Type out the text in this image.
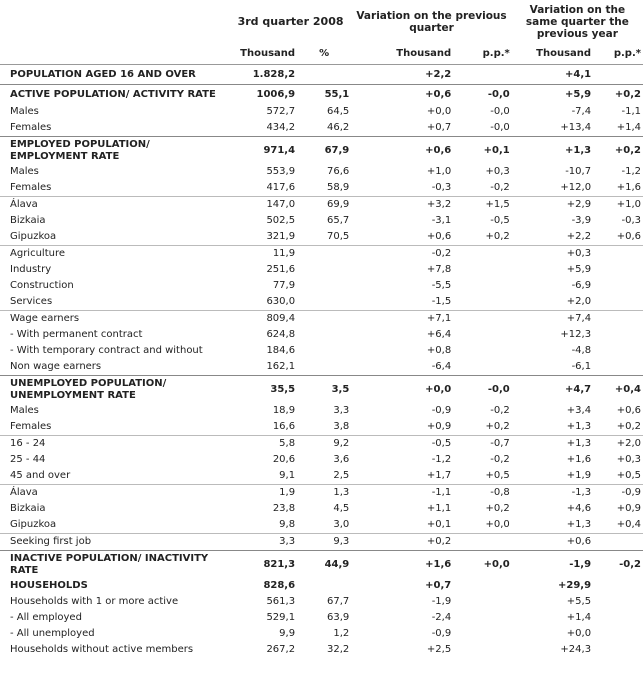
	3rd quarter 2008		Variation on the previous quarter		Variation on the same quarter the previous year	
	Thousand	%	Thousand	p.p.*	Thousand	p.p.*
POPULATION AGED 16 AND OVER	1.828,2		+2,2		+4,1	
ACTIVE POPULATION/ ACTIVITY RATE	1006,9	55,1	+0,6	-0,0	+5,9	+0,2
Males	572,7	64,5	+0,0	-0,0	-7,4	-1,1
Females	434,2	46,2	+0,7	-0,0	+13,4	+1,4
EMPLOYED POPULATION/ EMPLOYMENT RATE	971,4	67,9	+0,6	+0,1	+1,3	+0,2
Males	553,9	76,6	+1,0	+0,3	-10,7	-1,2
Females	417,6	58,9	-0,3	-0,2	+12,0	+1,6
Álava	147,0	69,9	+3,2	+1,5	+2,9	+1,0
Bizkaia	502,5	65,7	-3,1	-0,5	-3,9	-0,3
Gipuzkoa	321,9	70,5	+0,6	+0,2	+2,2	+0,6
Agriculture	11,9		-0,2		+0,3	
Industry	251,6		+7,8		+5,9	
Construction	77,9		-5,5		-6,9	
Services	630,0		-1,5		+2,0	
Wage earners	809,4		+7,1		+7,4	
- With permanent contract	624,8		+6,4		+12,3	
- With temporary contract and without	184,6		+0,8		-4,8	
Non wage earners	162,1		-6,4		-6,1	
UNEMPLOYED POPULATION/ UNEMPLOYMENT RATE	35,5	3,5	+0,0	-0,0	+4,7	+0,4
Males	18,9	3,3	-0,9	-0,2	+3,4	+0,6
Females	16,6	3,8	+0,9	+0,2	+1,3	+0,2
16 - 24	5,8	9,2	-0,5	-0,7	+1,3	+2,0
25 - 44	20,6	3,6	-1,2	-0,2	+1,6	+0,3
45 and over	9,1	2,5	+1,7	+0,5	+1,9	+0,5
Álava	1,9	1,3	-1,1	-0,8	-1,3	-0,9
Bizkaia	23,8	4,5	+1,1	+0,2	+4,6	+0,9
Gipuzkoa	9,8	3,0	+0,1	+0,0	+1,3	+0,4
Seeking first job	3,3	9,3	+0,2		+0,6	
INACTIVE POPULATION/ INACTIVITY RATE	821,3	44,9	+1,6	+0,0	-1,9	-0,2
HOUSEHOLDS	828,6		+0,7		+29,9	
Households with 1 or more active	561,3	67,7	-1,9		+5,5	
- All employed	529,1	63,9	-2,4		+1,4	
- All unemployed	9,9	1,2	-0,9		+0,0	
Households without active members	267,2	32,2	+2,5		+24,3	
